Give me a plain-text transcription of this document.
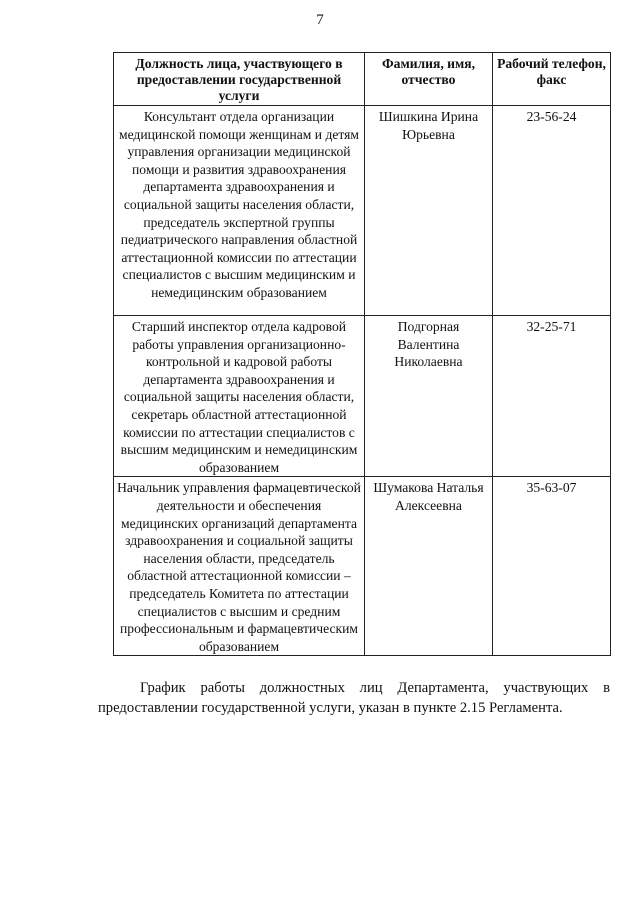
7
Должность лица, участвующего в предоставлении государственной услуги	Фамилия, имя, отчество	Рабочий телефон, факс
Консультант отдела организации медицинской помощи женщинам и детям управления организации медицинской помощи и развития здравоохранения департамента здравоохранения и социальной защиты населения области, председатель экспертной группы педиатрического направления областной аттестационной комиссии по аттестации специалистов с высшим медицинским и немедицинским образованием	Шишкина Ирина Юрьевна	23-56-24
Старший инспектор отдела кадровой работы управления организационно-контрольной и кадровой работы департамента здравоохранения и социальной защиты населения области, секретарь областной аттестационной комиссии по аттестации специалистов с высшим медицинским и немедицинским образованием	Подгорная Валентина Николаевна	32-25-71
Начальник управления фармацевтической деятельности и обеспечения медицинских организаций департамента здравоохранения и социальной защиты населения области, председатель областной аттестационной комиссии – председатель Комитета по аттестации специалистов с высшим и средним профессиональным и фармацевтическим образованием	Шумакова Наталья Алексеевна	35-63-07

График работы должностных лиц Департамента, участвующих в предоставлении государственной услуги, указан в пункте 2.15 Регламента.
